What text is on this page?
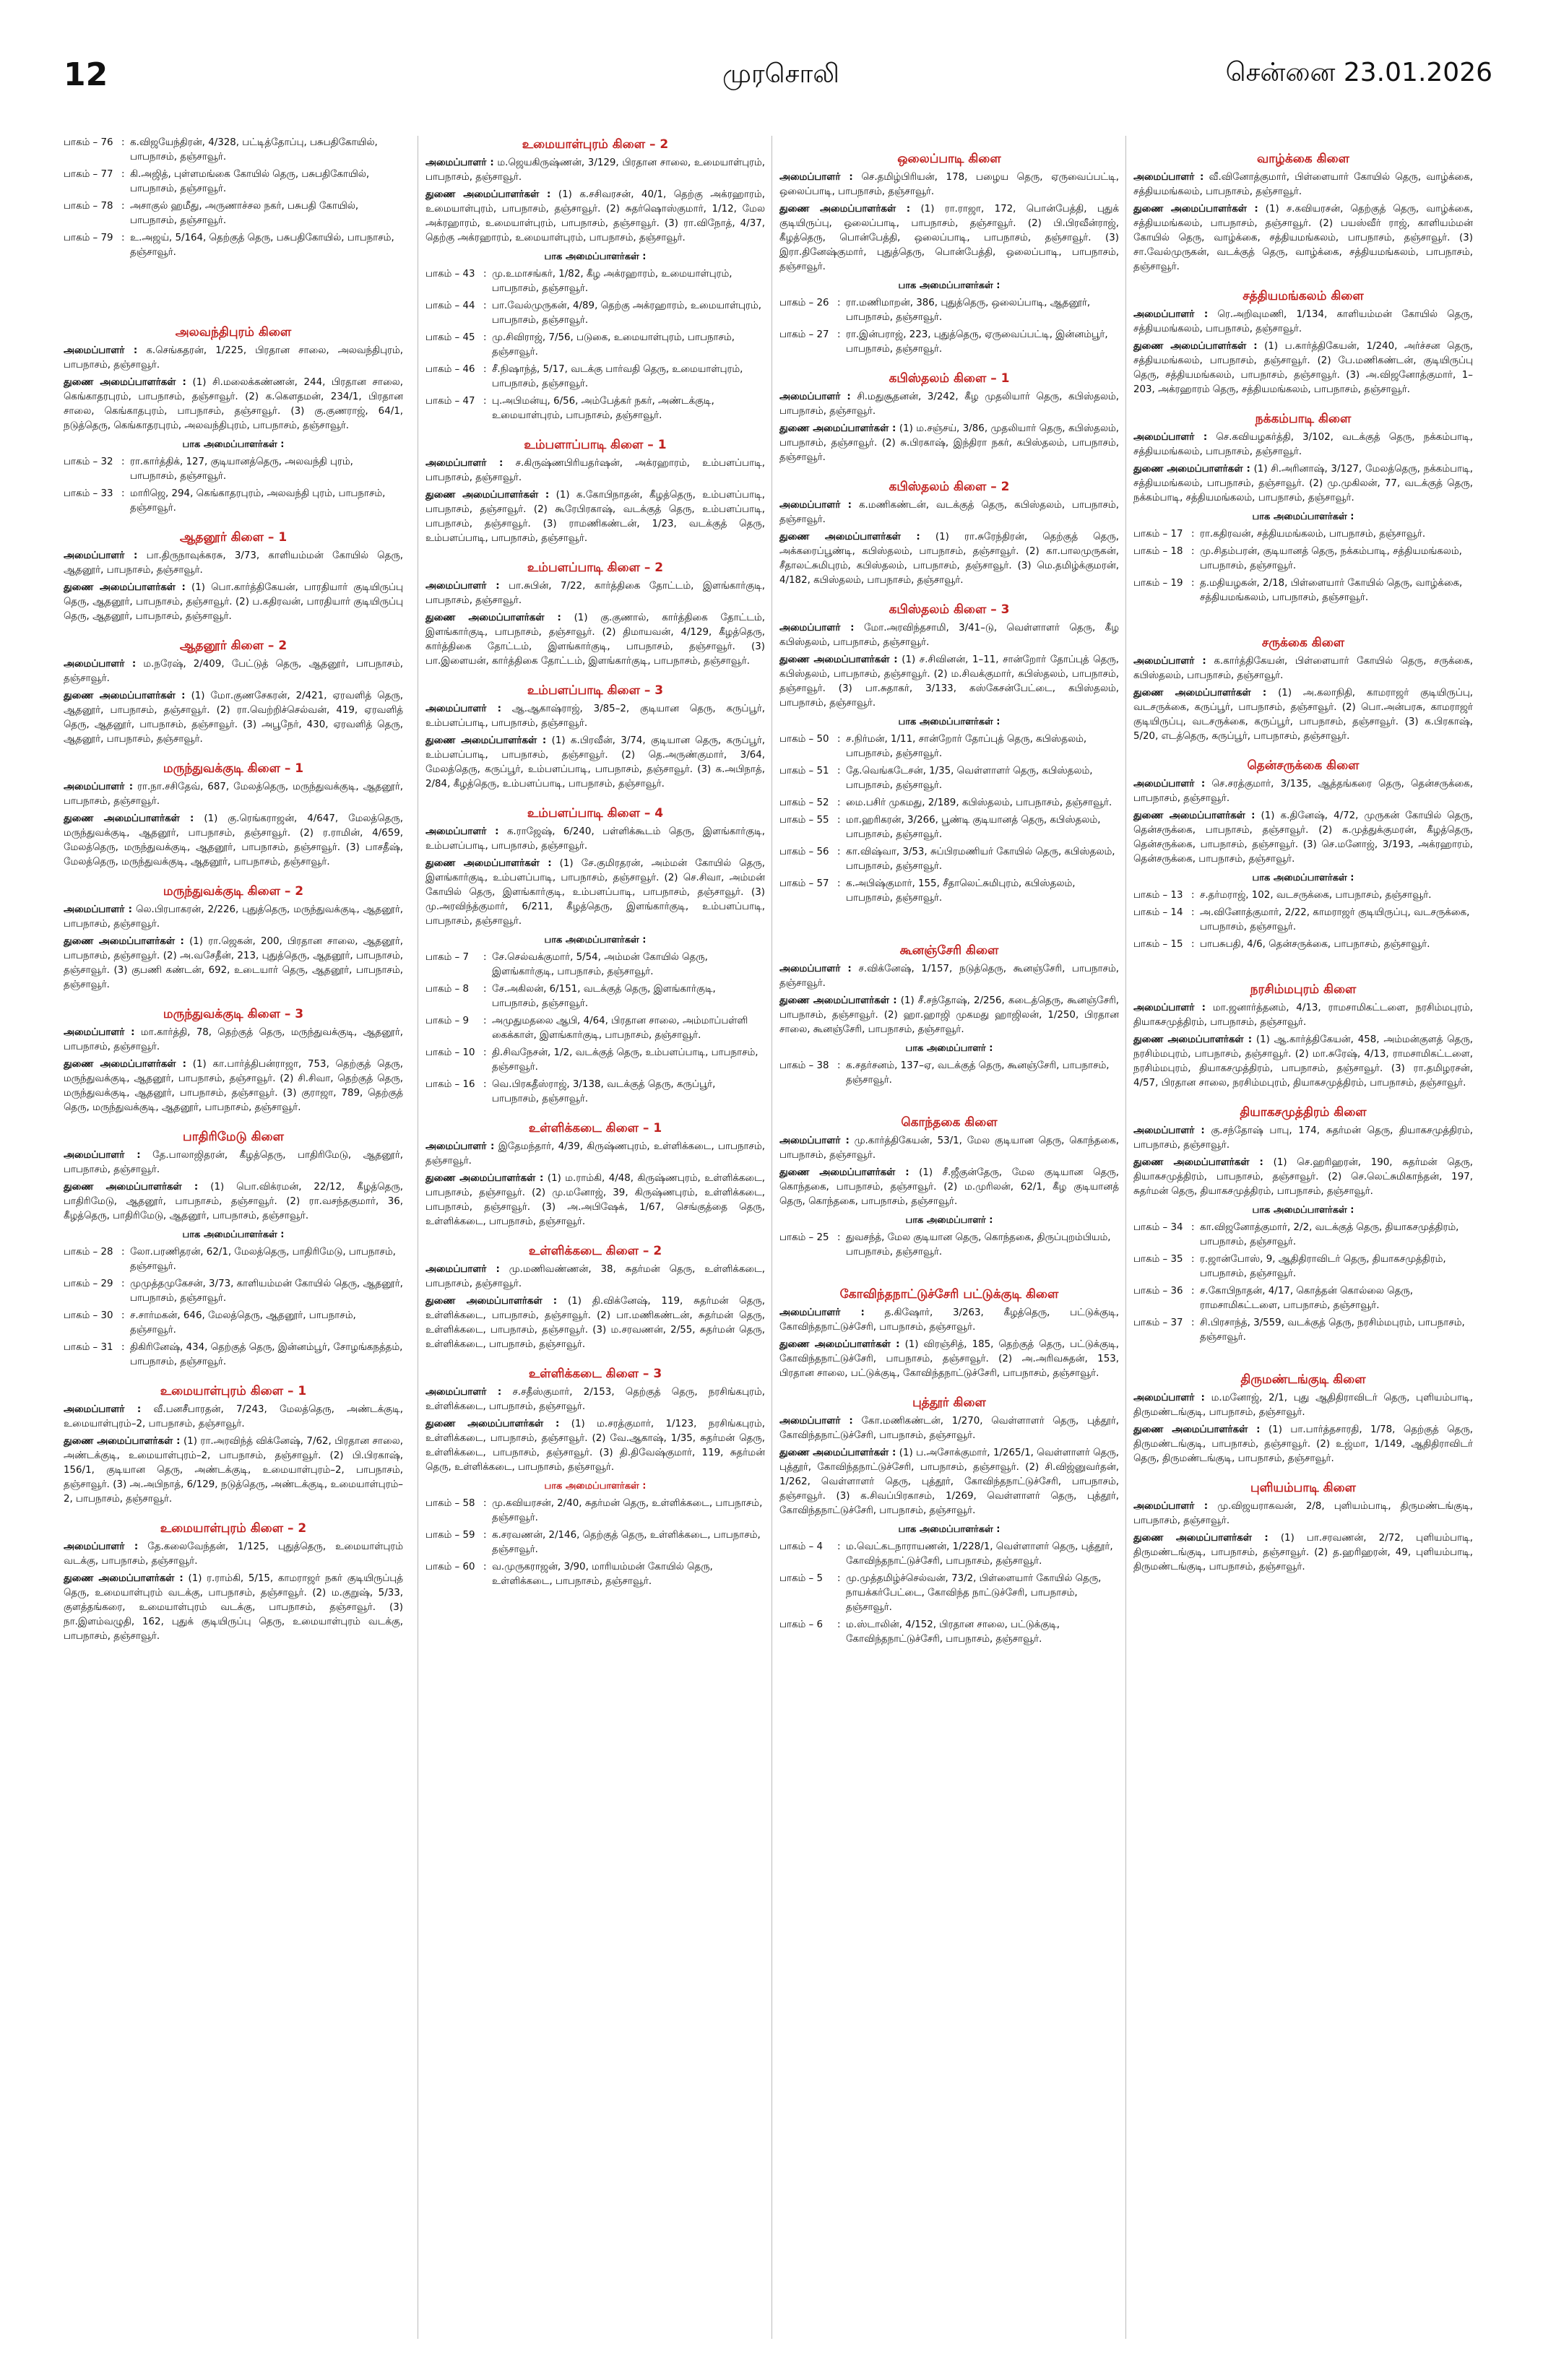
12	முரசொலி	சென்னை 23.01.2026
பாகம் – 76 : க.விஜயேந்திரன், 4/328, பட்டித்தோப்பு, பசுபதிகோயில், பாபநாசம், தஞ்சாவூர்.
பாகம் – 77 : கி.அஜித், புள்ளமங்கை கோயில் தெரு, பசுபதிகோயில், பாபநாசம், தஞ்சாவூர்.
பாகம் – 78 : அசாகுல் ஹமீது, அருணாச்சல நகர், பசுபதி கோயில், பாபநாசம், தஞ்சாவூர்.
பாகம் – 79 : உ.அஜய், 5/164, தெற்குத் தெரு, பசுபதிகோயில், பாபநாசம், தஞ்சாவூர்.
அலவந்திபுரம் கிளை

அமைப்பாளர் : க.செங்கதரன், 1/225, பிரதான சாலை, அலவந்திபுரம், பாபநாசம், தஞ்சாவூர்.

துணை அமைப்பாளர்கள் : (1) சி.மலைக்கண்ணன், 244, பிரதான சாலை, கெங்காதரபுரம், பாபநாசம், தஞ்சாவூர். (2) க.கௌதமன், 234/1, பிரதான சாலை, கெங்காதபுரம், பாபநாசம், தஞ்சாவூர். (3) கு.குணராஜ், 64/1, நடுத்தெரு, கெங்காதரபுரம், அலவந்திபுரம், பாபநாசம், தஞ்சாவூர்.

பாக அமைப்பாளர்கள் :
பாகம் – 32 : ரா.கார்த்திக், 127, குடியானத்தெரு, அலவந்தி புரம், பாபநாசம், தஞ்சாவூர்.
பாகம் – 33 : மாரிஜெ, 294, கெங்காதரபுரம், அலவந்தி புரம், பாபநாசம், தஞ்சாவூர்.
ஆதனூர் கிளை – 1

அமைப்பாளர் : பா.திருநாவுக்கரசு, 3/73, காளியம்மன் கோயில் தெரு, ஆதனூர், பாபநாசம், தஞ்சாவூர்.

துணை அமைப்பாளர்கள் : (1) பொ.கார்த்திகேயன், பாரதியார் குடியிருப்பு தெரு, ஆதனூர், பாபநாசம், தஞ்சாவூர். (2) ப.கதிரவன், பாரதியார் குடியிருப்பு தெரு, ஆதனூர், பாபநாசம், தஞ்சாவூர்.

ஆதனூர் கிளை – 2

அமைப்பாளர் : ம.நரேஷ், 2/409, பேட்டுத் தெரு, ஆதனூர், பாபநாசம், தஞ்சாவூர்.

துணை அமைப்பாளர்கள் : (1) மோ.குணசேகரன், 2/421, ஏரவளித் தெரு, ஆதனூர், பாபநாசம், தஞ்சாவூர். (2) ரா.வெற்றிச்செல்வன், 419, ஏரவளித் தெரு, ஆதனூர், பாபநாசம், தஞ்சாவூர். (3) அபூநேர், 430, ஏரவளித் தெரு, ஆதனூர், பாபநாசம், தஞ்சாவூர்.

மருந்துவக்குடி கிளை – 1

அமைப்பாளர் : ரா.நா.சசிதேவ், 687, மேலத்தெரு, மருந்துவக்குடி, ஆதனூர், பாபநாசம், தஞ்சாவூர்.

துணை அமைப்பாளர்கள் : (1) கு.ரெங்கராஜன், 4/647, மேலத்தெரு, மருந்துவக்குடி, ஆதனூர், பாபநாசம், தஞ்சாவூர். (2) ர.ராமின், 4/659, மேலத்தெரு, மருந்துவக்குடி, ஆதனூர், பாபநாசம், தஞ்சாவூர். (3) பாசதீஷ், மேலத்தெரு, மருந்துவக்குடி, ஆதனூர், பாபநாசம், தஞ்சாவூர்.

மருந்துவக்குடி கிளை – 2

அமைப்பாளர் : லெ.பிரபாகரன், 2/226, புதுத்தெரு, மருந்துவக்குடி, ஆதனூர், பாபநாசம், தஞ்சாவூர்.

துணை அமைப்பாளர்கள் : (1) ரா.ஜெகன், 200, பிரதான சாலை, ஆதனூர், பாபநாசம், தஞ்சாவூர். (2) அ.வசேதீன், 213, புதுத்தெரு, ஆதனூர், பாபநாசம், தஞ்சாவூர். (3) குபணி கண்டன், 692, உடையார் தெரு, ஆதனூர், பாபநாசம், தஞ்சாவூர்.

மருந்துவக்குடி கிளை – 3

அமைப்பாளர் : மா.கார்த்தி, 78, தெற்குத் தெரு, மருந்துவக்குடி, ஆதனூர், பாபநாசம், தஞ்சாவூர்.

துணை அமைப்பாளர்கள் : (1) கா.பார்த்திபன்ராஜா, 753, தெற்குத் தெரு, மருந்துவக்குடி, ஆதனூர், பாபநாசம், தஞ்சாவூர். (2) சி.சிவா, தெற்குத் தெரு, மருந்துவக்குடி, ஆதனூர், பாபநாசம், தஞ்சாவூர். (3) குராஜா, 789, தெற்குத் தெரு, மருந்துவக்குடி, ஆதனூர், பாபநாசம், தஞ்சாவூர்.

பாதிரிமேடு கிளை

அமைப்பாளர் : தே.பாலாஜிதரன், கீழத்தெரு, பாதிரிமேடு, ஆதனூர், பாபநாசம், தஞ்சாவூர்.

துணை அமைப்பாளர்கள் : (1) பொ.விக்ரமன், 22/12, கீழத்தெரு, பாதிரிமேடு, ஆதனூர், பாபநாசம், தஞ்சாவூர். (2) ரா.வசந்தகுமார், 36, கீழத்தெரு, பாதிரிமேடு, ஆதனூர், பாபநாசம், தஞ்சாவூர்.

பாக அமைப்பாளர்கள் :
பாகம் – 28 : லோ.பரணிதரன், 62/1, மேலத்தெரு, பாதிரிமேடு, பாபநாசம், தஞ்சாவூர்.
பாகம் – 29 : முமுத்தமுகேசன், 3/73, காளியம்மன் கோயில் தெரு, ஆதனூர், பாபநாசம், தஞ்சாவூர்.
பாகம் – 30 : ச.சார்மகன், 646, மேலத்தெரு, ஆதனூர், பாபநாசம், தஞ்சாவூர்.
பாகம் – 31 : திகிரினேஷ், 434, தெற்குத் தெரு, இன்னம்பூர், சோழங்கநத்தம், பாபநாசம், தஞ்சாவூர்.
உமையாள்புரம் கிளை – 1

அமைப்பாளர் : வீ.பனசீபாரதன், 7/243, மேலத்தெரு, அண்டக்குடி, உமையாள்புரம்–2, பாபநாசம், தஞ்சாவூர்.

துணை அமைப்பாளர்கள் : (1) ரா.அரவிந்த் விக்னேஷ், 7/62, பிரதான சாலை, அண்டக்குடி, உமையாள்புரம்–2, பாபநாசம், தஞ்சாவூர். (2) பி.பிரகாஷ், 156/1, குடியான தெரு, அண்டக்குடி, உமையாள்புரம்–2, பாபநாசம், தஞ்சாவூர். (3) அ.அபிநாத், 6/129, நடுத்தெரு, அண்டக்குடி, உமையாள்புரம்–2, பாபநாசம், தஞ்சாவூர்.

உமையாள்புரம் கிளை – 2

அமைப்பாளர் : தே.கலைவேந்தன், 1/125, புதுத்தெரு, உமையாள்புரம் வடக்கு, பாபநாசம், தஞ்சாவூர்.

துணை அமைப்பாளர்கள் : (1) ர.ராம்கி, 5/15, காமராஜர் நகர் குடியிருப்புத் தெரு, உமையாள்புரம் வடக்கு, பாபநாசம், தஞ்சாவூர். (2) ம.குறுஷ், 5/33, குளத்தங்கரை, உமையாள்புரம் வடக்கு, பாபநாசம், தஞ்சாவூர். (3) நா.இளம்வழுதி, 162, புதுக் குடியிருப்பு தெரு, உமையாள்புரம் வடக்கு, பாபநாசம், தஞ்சாவூர்.

உமையாள்புரம் கிளை – 2

அமைப்பாளர் : ம.ஜெயகிருஷ்ணன், 3/129, பிரதான சாலை, உமையாள்புரம், பாபநாசம், தஞ்சாவூர்.

துணை அமைப்பாளர்கள் : (1) க.சசிவரசன், 40/1, தெற்கு அக்ரஹாரம், உமையாள்புரம், பாபநாசம், தஞ்சாவூர். (2) சுதர்ஷொஸ்குமார், 1/12, மேல அக்ரஹாரம், உமையாள்புரம், பாபநாசம், தஞ்சாவூர். (3) ரா.விநோத், 4/37, தெற்கு அக்ரஹாரம், உமையாள்புரம், பாபநாசம், தஞ்சாவூர்.

பாக அமைப்பாளர்கள் :
பாகம் – 43 : மு.உமாசங்கர், 1/82, கீழ அக்ரஹாரம், உமையாள்புரம், பாபநாசம், தஞ்சாவூர்.
பாகம் – 44 : பா.வேல்முருகன், 4/89, தெற்கு அக்ரஹாரம், உமையாள்புரம், பாபநாசம், தஞ்சாவூர்.
பாகம் – 45 : மு.சிவிராஜ், 7/56, படுகை, உமையாள்புரம், பாபநாசம், தஞ்சாவூர்.
பாகம் – 46 : சீ.நிஷாந்த், 5/17, வடக்கு பார்வதி தெரு, உமையாள்புரம், பாபநாசம், தஞ்சாவூர்.
பாகம் – 47 : பு.அபிமன்யு, 6/56, அம்பேத்கர் நகர், அண்டக்குடி, உமையாள்புரம், பாபநாசம், தஞ்சாவூர்.
உம்பளாப்பாடி கிளை – 1

அமைப்பாளர் : ச.கிருஷ்ணபிரியதர்ஷன், அக்ரஹாரம், உம்பளப்பாடி, பாபநாசம், தஞ்சாவூர்.

துணை அமைப்பாளர்கள் : (1) க.கோபிநாதன், கீழத்தெரு, உம்பளப்பாடி, பாபநாசம், தஞ்சாவூர். (2) கூரேபிரகாஷ், வடக்குத் தெரு, உம்பளப்பாடி, பாபநாசம், தஞ்சாவூர். (3) ராமணிகண்டன், 1/23, வடக்குத் தெரு, உம்பளப்பாடி, பாபநாசம், தஞ்சாவூர்.

உம்பளப்பாடி கிளை – 2

அமைப்பாளர் : பா.சுபின், 7/22, கார்த்திகை தோட்டம், இளங்கார்குடி, பாபநாசம், தஞ்சாவூர்.

துணை அமைப்பாளர்கள் : (1) கு.குணால், கார்த்திகை தோட்டம், இளங்கார்குடி, பாபநாசம், தஞ்சாவூர். (2) திமாயவன், 4/129, கீழத்தெரு, கார்த்திகை தோட்டம், இளங்கார்குடி, பாபநாசம், தஞ்சாவூர். (3) பா.இளையன், கார்த்திகை தோட்டம், இளங்கார்குடி, பாபநாசம், தஞ்சாவூர்.

உம்பளப்பாடி கிளை – 3

அமைப்பாளர் : ஆ.ஆகாஷ்ராஜ், 3/85–2, குடியான தெரு, கருப்பூர், உம்பளப்பாடி, பாபநாசம், தஞ்சாவூர்.

துணை அமைப்பாளர்கள் : (1) க.பிரவீன், 3/74, குடியான தெரு, கருப்பூர், உம்பளப்பாடி, பாபநாசம், தஞ்சாவூர். (2) தெ.அருண்குமார், 3/64, மேலத்தெரு, கருப்பூர், உம்பளப்பாடி, பாபநாசம், தஞ்சாவூர். (3) க.அபிநாத், 2/84, கீழத்தெரு, உம்பளப்பாடி, பாபநாசம், தஞ்சாவூர்.

உம்பளப்பாடி கிளை – 4

அமைப்பாளர் : க.ராஜேஷ், 6/240, பள்ளிக்கூடம் தெரு, இளங்கார்குடி, உம்பளப்பாடி, பாபநாசம், தஞ்சாவூர்.

துணை அமைப்பாளர்கள் : (1) சே.குமிரதரன், அம்மன் கோயில் தெரு, இளங்கார்குடி, உம்பளப்பாடி, பாபநாசம், தஞ்சாவூர். (2) செ.சிவா, அம்மன் கோயில் தெரு, இளங்கார்குடி, உம்பளப்பாடி, பாபநாசம், தஞ்சாவூர். (3) மு.அரவிந்த்குமார், 6/211, கீழத்தெரு, இளங்கார்குடி, உம்பளப்பாடி, பாபநாசம், தஞ்சாவூர்.

பாக அமைப்பாளர்கள் :
பாகம் – 7	: சே.செல்வக்குமார், 5/54, அம்மன் கோயில் தெரு, இளங்கார்குடி, பாபநாசம், தஞ்சாவூர்.
பாகம் – 8	: சே.அகிலன், 6/151, வடக்குத் தெரு, இளங்கார்குடி, பாபநாசம், தஞ்சாவூர்.
பாகம் – 9	: அமுதுமதலை ஆபி, 4/64, பிரதான சாலை, அம்மாப்பள்ளி கைக்காள், இளங்கார்குடி, பாபநாசம், தஞ்சாவூர்.
பாகம் – 10 : தி.சிவநேசன், 1/2, வடக்குத் தெரு, உம்பளப்பாடி, பாபநாசம், தஞ்சாவூர்.
பாகம் – 16 : வெ.பிரகதீஸ்ராஜ், 3/138, வடக்குத் தெரு, கருப்பூர், பாபநாசம், தஞ்சாவூர்.
உள்ளிக்கடை கிளை – 1

அமைப்பாளர் : இதேமந்தார், 4/39, கிருஷ்ணபுரம், உள்ளிக்கடை, பாபநாசம், தஞ்சாவூர்.

துணை அமைப்பாளர்கள் : (1) ம.ராம்கி, 4/48, கிருஷ்ணபுரம், உள்ளிக்கடை, பாபநாசம், தஞ்சாவூர். (2) மு.மனோஜ், 39, கிருஷ்ணபுரம், உள்ளிக்கடை, பாபநாசம், தஞ்சாவூர். (3) அ.அபிஷேக், 1/67, செங்குத்தை தெரு, உள்ளிக்கடை, பாபநாசம், தஞ்சாவூர்.

உள்ளிக்கடை கிளை – 2

அமைப்பாளர் : மு.மணிவண்ணன், 38, சுதர்மன் தெரு, உள்ளிக்கடை, பாபநாசம், தஞ்சாவூர்.

துணை அமைப்பாளர்கள் : (1) தி.விக்னேஷ், 119, சுதர்மன் தெரு, உள்ளிக்கடை, பாபநாசம், தஞ்சாவூர். (2) பா.மணிகண்டன், சுதர்மன் தெரு, உள்ளிக்கடை, பாபநாசம், தஞ்சாவூர். (3) ம.சரவணன், 2/55, சுதர்மன் தெரு, உள்ளிக்கடை, பாபநாசம், தஞ்சாவூர்.

உள்ளிக்கடை கிளை – 3

அமைப்பாளர் : ச.சதீஸ்குமார், 2/153, தெற்குத் தெரு, நரசிங்கபுரம், உள்ளிக்கடை, பாபநாசம், தஞ்சாவூர்.

துணை அமைப்பாளர்கள் : (1) ம.சரத்குமார், 1/123, நரசிங்கபுரம், உள்ளிக்கடை, பாபநாசம், தஞ்சாவூர். (2) வே.ஆகாஷ், 1/35, சுதர்மன் தெரு, உள்ளிக்கடை, பாபநாசம், தஞ்சாவூர். (3) தி.திவேஷ்குமார், 119, சுதர்மன் தெரு, உள்ளிக்கடை, பாபநாசம், தஞ்சாவூர்.

பாக அமைப்பாளர்கள் :
பாகம் – 58 : மு.கவியரசன், 2/40, சுதர்மன் தெரு, உள்ளிக்கடை, பாபநாசம், தஞ்சாவூர்.
பாகம் – 59 : க.சரவணன், 2/146, தெற்குத் தெரு, உள்ளிக்கடை, பாபநாசம், தஞ்சாவூர்.
பாகம் – 60 : வ.முருகராஜன், 3/90, மாரியம்மன் கோயில் தெரு, உள்ளிக்கடை, பாபநாசம், தஞ்சாவூர்.
ஒலைப்பாடி கிளை

அமைப்பாளர் : செ.தமிழ்பிரியன், 178, பழைய தெரு, ஏருவைப்பட்டி, ஒலைப்பாடி, பாபநாசம், தஞ்சாவூர்.

துணை அமைப்பாளர்கள் : (1) ரா.ராஜா, 172, பொன்பேத்தி, புதுக் குடியிருப்பு, ஒலைப்பாடி, பாபநாசம், தஞ்சாவூர். (2) பி.பிரவீன்ராஜ், கீழத்தெரு, பொன்பேத்தி, ஒலைப்பாடி, பாபநாசம், தஞ்சாவூர். (3) இரா.தினேஷ்குமார், புதுத்தெரு, பொன்பேத்தி, ஒலைப்பாடி, பாபநாசம், தஞ்சாவூர்.

பாக அமைப்பாளர்கள் :
பாகம் – 26 : ரா.மணிமாறன், 386, புதுத்தெரு, ஒலைப்பாடி, ஆதனூர், பாபநாசம், தஞ்சாவூர்.
பாகம் – 27 : ரா.இன்பராஜ், 223, புதுத்தெரு, ஏருவைப்பட்டி, இன்னம்பூர், பாபநாசம், தஞ்சாவூர்.
கபிஸ்தலம் கிளை – 1

அமைப்பாளர் : சி.மதுசூதனன், 3/242, கீழ முதலியார் தெரு, கபிஸ்தலம், பாபநாசம், தஞ்சாவூர்.

துணை அமைப்பாளர்கள் : (1) ம.சஞ்சய், 3/86, முதலியார் தெரு, கபிஸ்தலம், பாபநாசம், தஞ்சாவூர். (2) சு.பிரகாஷ், இந்திரா நகர், கபிஸ்தலம், பாபநாசம், தஞ்சாவூர்.

கபிஸ்தலம் கிளை – 2

அமைப்பாளர் : க.மணிகண்டன், வடக்குத் தெரு, கபிஸ்தலம், பாபநாசம், தஞ்சாவூர்.

துணை அமைப்பாளர்கள் : (1) ரா.சுரேந்திரன், தெற்குத் தெரு, அக்கரைப்பூண்டி, கபிஸ்தலம், பாபநாசம், தஞ்சாவூர். (2) கா.பாலமுருகன், சீதாலட்சுமிபுரம், கபிஸ்தலம், பாபநாசம், தஞ்சாவூர். (3) மெ.தமிழ்க்குமரன், 4/182, கபிஸ்தலம், பாபநாசம், தஞ்சாவூர்.

கபிஸ்தலம் கிளை – 3

அமைப்பாளர் : மோ.அரவிந்தசாமி, 3/41–டு, வெள்ளாளர் தெரு, கீழ கபிஸ்தலம், பாபநாசம், தஞ்சாவூர்.

துணை அமைப்பாளர்கள் : (1) ச.சிவினன், 1–11, சான்றோர் தோப்புத் தெரு, கபிஸ்தலம், பாபநாசம், தஞ்சாவூர். (2) ம.சிவக்குமார், கபிஸ்தலம், பாபநாசம், தஞ்சாவூர். (3) பா.சுதாகர், 3/133, கஸ்கேசன்பேட்டை, கபிஸ்தலம், பாபநாசம், தஞ்சாவூர்.

பாக அமைப்பாளர்கள் :
பாகம் – 50 : ச.நிர்மன், 1/11, சான்றோர் தோப்புத் தெரு, கபிஸ்தலம், பாபநாசம், தஞ்சாவூர்.
பாகம் – 51 : தே.வெங்கடேசன், 1/35, வெள்ளாளர் தெரு, கபிஸ்தலம், பாபநாசம், தஞ்சாவூர்.
பாகம் – 52 : மை.பசிர் முகமது, 2/189, கபிஸ்தலம், பாபநாசம், தஞ்சாவூர்.
பாகம் – 55 : மா.ஹரிகரன், 3/266, பூண்டி குடியானத் தெரு, கபிஸ்தலம், பாபநாசம், தஞ்சாவூர்.
பாகம் – 56 : கா.விஷ்வா, 3/53, சுப்பிரமணியர் கோயில் தெரு, கபிஸ்தலம், பாபநாசம், தஞ்சாவூர்.
பாகம் – 57 : க.அபிஷ்குமார், 155, சீதாலெட்சுமிபுரம், கபிஸ்தலம், பாபநாசம், தஞ்சாவூர்.
கூனஞ்சேரி கிளை

அமைப்பாளர் : ச.விக்னேஷ், 1/157, நடுத்தெரு, கூனஞ்சேரி, பாபநாசம், தஞ்சாவூர்.

துணை அமைப்பாளர்கள் : (1) சீ.சந்தோஷ், 2/256, கடைத்தெரு, கூனஞ்சேரி, பாபநாசம், தஞ்சாவூர். (2) ஹா.ஹாஜி முகமது ஹாஜிலன், 1/250, பிரதான சாலை, கூனஞ்சேரி, பாபநாசம், தஞ்சாவூர்.

பாக அமைப்பாளர் :
பாகம் – 38 : க.சதர்சனம், 137–ஏ, வடக்குத் தெரு, கூனஞ்சேரி, பாபநாசம், தஞ்சாவூர்.
கொந்தகை கிளை

அமைப்பாளர் : மு.கார்த்திகேயன், 53/1, மேல குடியான தெரு, கொந்தகை, பாபநாசம், தஞ்சாவூர்.

துணை அமைப்பாளர்கள் : (1) சீ.ஜீகுன்தேரு, மேல குடியான தெரு, கொந்தகை, பாபநாசம், தஞ்சாவூர். (2) ம.முரிலன், 62/1, கீழ குடியானத் தெரு, கொந்தகை, பாபநாசம், தஞ்சாவூர்.

பாக அமைப்பாளர் :
பாகம் – 25 : துவசந்த், மேல குடியான தெரு, கொந்தகை, திருப்புறம்பியம், பாபநாசம், தஞ்சாவூர்.
கோவிந்தநாட்டுச்சேரி பட்டுக்குடி கிளை

அமைப்பாளர் : த.கிஷோர், 3/263, கீழத்தெரு, பட்டுக்குடி, கோவிந்தநாட்டுச்சேரி, பாபநாசம், தஞ்சாவூர்.

துணை அமைப்பாளர்கள் : (1) விரஞ்சித், 185, தெற்குத் தெரு, பட்டுக்குடி, கோவிந்தநாட்டுச்சேரி, பாபநாசம், தஞ்சாவூர். (2) அ.அரிவசுதன், 153, பிரதான சாலை, பட்டுக்குடி, கோவிந்தநாட்டுச்சேரி, பாபநாசம், தஞ்சாவூர்.

புத்தூர் கிளை

அமைப்பாளர் : கோ.மணிகண்டன், 1/270, வெள்ளாளர் தெரு, புத்தூர், கோவிந்தநாட்டுச்சேரி, பாபநாசம், தஞ்சாவூர்.

துணை அமைப்பாளர்கள் : (1) ப.அசோக்குமார், 1/265/1, வெள்ளாளர் தெரு, புத்தூர், கோவிந்தநாட்டுச்சேரி, பாபநாசம், தஞ்சாவூர். (2) சி.விஜ்னுவர்தன், 1/262, வெள்ளாளர் தெரு, புத்தூர், கோவிந்தநாட்டுச்சேரி, பாபநாசம், தஞ்சாவூர். (3) க.சிவப்பிரகாசம், 1/269, வெள்ளாளர் தெரு, புத்தூர், கோவிந்தநாட்டுச்சேரி, பாபநாசம், தஞ்சாவூர்.

பாக அமைப்பாளர்கள் :
பாகம் – 4	: ம.வெட்கடநாராயணன், 1/228/1, வெள்ளாளர் தெரு, புத்தூர், கோவிந்தநாட்டுச்சேரி, பாபநாசம், தஞ்சாவூர்.
பாகம் – 5	: மு.முத்தமிழ்ச்செல்வன், 73/2, பிள்ளையார் கோயில் தெரு, நாயக்கர்பேட்டை, கோவிந்த நாட்டுச்சேரி, பாபநாசம், தஞ்சாவூர்.
பாகம் – 6	: ம.ஸ்டாலின், 4/152, பிரதான சாலை, பட்டுக்குடி, கோவிந்தநாட்டுச்சேரி, பாபநாசம், தஞ்சாவூர்.
வாழ்க்கை கிளை

அமைப்பாளர் : வீ.வினோத்குமார், பிள்ளையார் கோயில் தெரு, வாழ்க்கை, சத்தியமங்கலம், பாபநாசம், தஞ்சாவூர்.

துணை அமைப்பாளர்கள் : (1) ச.கவியரசன், தெற்குத் தெரு, வாழ்க்கை, சத்தியமங்கலம், பாபநாசம், தஞ்சாவூர். (2) பயஸ்வீர் ராஜ், காளியம்மன் கோயில் தெரு, வாழ்க்கை, சத்தியமங்கலம், பாபநாசம், தஞ்சாவூர். (3) சா.வேல்முருகன், வடக்குத் தெரு, வாழ்க்கை, சத்தியமங்கலம், பாபநாசம், தஞ்சாவூர்.

சத்தியமங்கலம் கிளை

அமைப்பாளர் : ரெ.அறிவுமணி, 1/134, காளியம்மன் கோயில் தெரு, சத்தியமங்கலம், பாபநாசம், தஞ்சாவூர்.

துணை அமைப்பாளர்கள் : (1) ப.கார்த்திகேயன், 1/240, அர்ச்சன தெரு, சத்தியமங்கலம், பாபநாசம், தஞ்சாவூர். (2) பே.மணிகண்டன், குடியிருப்பு தெரு, சத்தியமங்கலம், பாபநாசம், தஞ்சாவூர். (3) அ.விஜனோத்குமார், 1–203, அக்ரஹாரம் தெரு, சத்தியமங்கலம், பாபநாசம், தஞ்சாவூர்.

நக்கம்பாடி கிளை

அமைப்பாளர் : செ.கவியழகர்த்தி, 3/102, வடக்குத் தெரு, நக்கம்பாடி, சத்தியமங்கலம், பாபநாசம், தஞ்சாவூர்.

துணை அமைப்பாளர்கள் : (1) சி.அரினாஷ், 3/127, மேலத்தெரு, நக்கம்பாடி, சத்தியமங்கலம், பாபநாசம், தஞ்சாவூர். (2) மு.முகிலன், 77, வடக்குத் தெரு, நக்கம்பாடி, சத்தியமங்கலம், பாபநாசம், தஞ்சாவூர்.

பாக அமைப்பாளர்கள் :
பாகம் – 17 : ரா.கதிரவன், சத்தியமங்கலம், பாபநாசம், தஞ்சாவூர்.
பாகம் – 18 : மு.சிதம்பரன், குடியானத் தெரு, நக்கம்பாடி, சத்தியமங்கலம், பாபநாசம், தஞ்சாவூர்.
பாகம் – 19 : த.மதியழகன், 2/18, பிள்ளையார் கோயில் தெரு, வாழ்க்கை, சத்தியமங்கலம், பாபநாசம், தஞ்சாவூர்.
சருக்கை கிளை

அமைப்பாளர் : க.கார்த்திகேயன், பிள்ளையார் கோயில் தெரு, சருக்கை, கபிஸ்தலம், பாபநாசம், தஞ்சாவூர்.

துணை அமைப்பாளர்கள் : (1) அ.கலாநிதி, காமராஜர் குடியிருப்பு, வடசருக்கை, கருப்பூர், பாபநாசம், தஞ்சாவூர். (2) பொ.அன்பரசு, காமராஜர் குடியிருப்பு, வடசருக்கை, கருப்பூர், பாபநாசம், தஞ்சாவூர். (3) க.பிரகாஷ், 5/20, எடத்தெரு, கருப்பூர், பாபநாசம், தஞ்சாவூர்.

தென்சருக்கை கிளை

அமைப்பாளர் : செ.சரத்குமார், 3/135, ஆத்தங்கரை தெரு, தென்சருக்கை, பாபநாசம், தஞ்சாவூர்.

துணை அமைப்பாளர்கள் : (1) க.தினேஷ், 4/72, முருகன் கோயில் தெரு, தென்சருக்கை, பாபநாசம், தஞ்சாவூர். (2) க.முத்துக்குமரன், கீழத்தெரு, தென்சருக்கை, பாபநாசம், தஞ்சாவூர். (3) செ.மனோஜ், 3/193, அக்ரஹாரம், தென்சருக்கை, பாபநாசம், தஞ்சாவூர்.

பாக அமைப்பாளர்கள் :
பாகம் – 13 : ச.தர்மராஜ், 102, வடசருக்கை, பாபநாசம், தஞ்சாவூர்.
பாகம் – 14 : அ.வினோத்குமார், 2/22, காமராஜர் குடியிருப்பு, வடசருக்கை, பாபநாசம், தஞ்சாவூர்.
பாகம் – 15 : பாபசுபதி, 4/6, தென்சருக்கை, பாபநாசம், தஞ்சாவூர்.
நரசிம்மபுரம் கிளை

அமைப்பாளர் : மா.ஜனார்த்தனம், 4/13, ராமசாமிகட்டளை, நரசிம்மபுரம், தியாகசமுத்திரம், பாபநாசம், தஞ்சாவூர்.

துணை அமைப்பாளர்கள் : (1) ஆ.கார்த்திகேயன், 458, அம்மன்குளத் தெரு, நரசிம்மபுரம், பாபநாசம், தஞ்சாவூர். (2) மா.சுரேஷ், 4/13, ராமசாமிகட்டளை, நரசிம்மபுரம், தியாகசமுத்திரம், பாபநாசம், தஞ்சாவூர். (3) ரா.தமிழரசன், 4/57, பிரதான சாலை, நரசிம்மபுரம், தியாகசமுத்திரம், பாபநாசம், தஞ்சாவூர்.

தியாகசமுத்திரம் கிளை

அமைப்பாளர் : கு.சந்தோஷ் பாபு, 174, சுதர்மன் தெரு, தியாகசமுத்திரம், பாபநாசம், தஞ்சாவூர்.

துணை அமைப்பாளர்கள் : (1) செ.ஹரிஹரன், 190, சுதர்மன் தெரு, தியாகசமுத்திரம், பாபநாசம், தஞ்சாவூர். (2) செ.லெட்சுமிகாந்தன், 197, சுதர்மன் தெரு, தியாகசமுத்திரம், பாபநாசம், தஞ்சாவூர்.

பாக அமைப்பாளர்கள் :
பாகம் – 34 : கா.விஜனோத்குமார், 2/2, வடக்குத் தெரு, தியாகசமுத்திரம், பாபநாசம், தஞ்சாவூர்.
பாகம் – 35 : ர.ஜான்போஸ், 9, ஆதிதிராவிடர் தெரு, தியாகசமுத்திரம், பாபநாசம், தஞ்சாவூர்.
பாகம் – 36 : ச.கோபிநாதன், 4/17, கொத்தன் கொல்லை தெரு, ராமசாமிகட்டளை, பாபநாசம், தஞ்சாவூர்.
பாகம் – 37 : சி.பிரசாந்த், 3/559, வடக்குத் தெரு, நரசிம்மபுரம், பாபநாசம், தஞ்சாவூர்.
திருமண்டங்குடி கிளை

அமைப்பாளர் : ம.மனோஜ், 2/1, புது ஆதிதிராவிடர் தெரு, புளியம்பாடி, திருமண்டங்குடி, பாபநாசம், தஞ்சாவூர்.

துணை அமைப்பாளர்கள் : (1) பா.பார்த்தசாரதி, 1/78, தெற்குத் தெரு, திருமண்டங்குடி, பாபநாசம், தஞ்சாவூர். (2) உஜ்மா, 1/149, ஆதிதிராவிடர் தெரு, திருமண்டங்குடி, பாபநாசம், தஞ்சாவூர்.

புளியம்பாடி கிளை

அமைப்பாளர் : மு.விஜயராகவன், 2/8, புளியம்பாடி, திருமண்டங்குடி, பாபநாசம், தஞ்சாவூர்.

துணை அமைப்பாளர்கள் : (1) பா.சரவணன், 2/72, புளியம்பாடி, திருமண்டங்குடி, பாபநாசம், தஞ்சாவூர். (2) த.ஹரிஹரன், 49, புளியம்பாடி, திருமண்டங்குடி, பாபநாசம், தஞ்சாவூர்.
